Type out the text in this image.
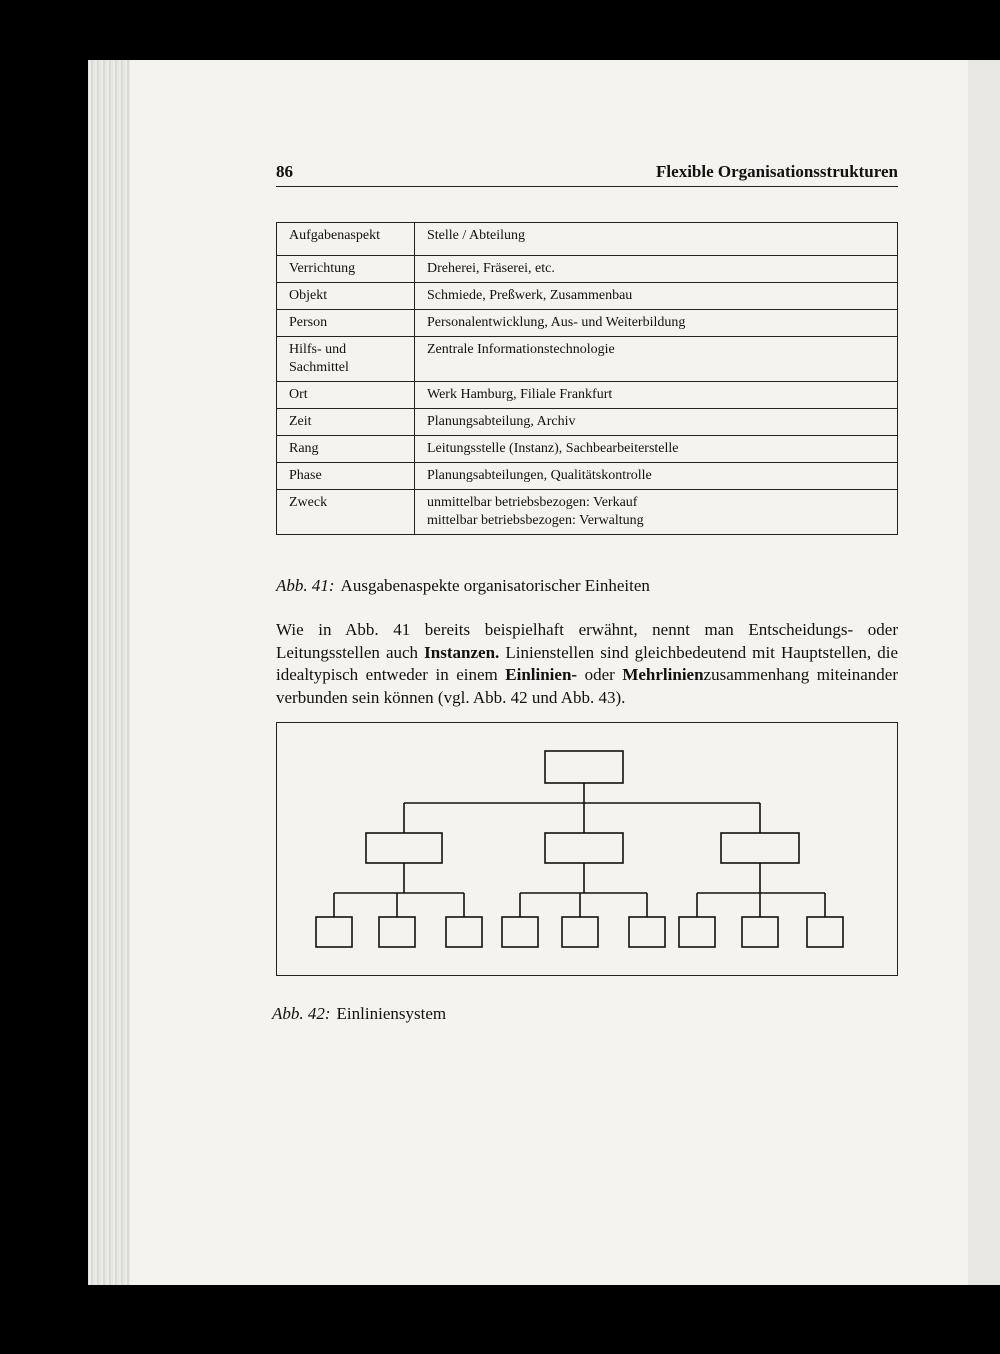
86	Flexible Organisationsstrukturen
Aufgabenaspekt	Stelle / Abteilung
Verrichtung	Dreherei, Fräserei, etc.
Objekt	Schmiede, Preßwerk, Zusammenbau
Person	Personalentwicklung, Aus- und Weiterbildung
Hilfs- und
Sachmittel	Zentrale Informationstechnologie
Ort	Werk Hamburg, Filiale Frankfurt
Zeit	Planungsabteilung, Archiv
Rang	Leitungsstelle (Instanz), Sachbearbeiterstelle
Phase	Planungsabteilungen, Qualitätskontrolle
Zweck	unmittelbar betriebsbezogen: Verkauf
mittelbar betriebsbezogen: Verwaltung
Abb. 41: Ausgabenaspekte organisatorischer Einheiten
Wie in Abb. 41 bereits beispielhaft erwähnt, nennt man Entscheidungs- oder Leitungsstellen auch Instanzen. Linienstellen sind gleichbedeutend mit Hauptstellen, die idealtypisch entweder in einem Einlinien- oder Mehrlinienzusammenhang miteinander verbunden sein können (vgl. Abb. 42 und Abb. 43).
Abb. 42: Einliniensystem
